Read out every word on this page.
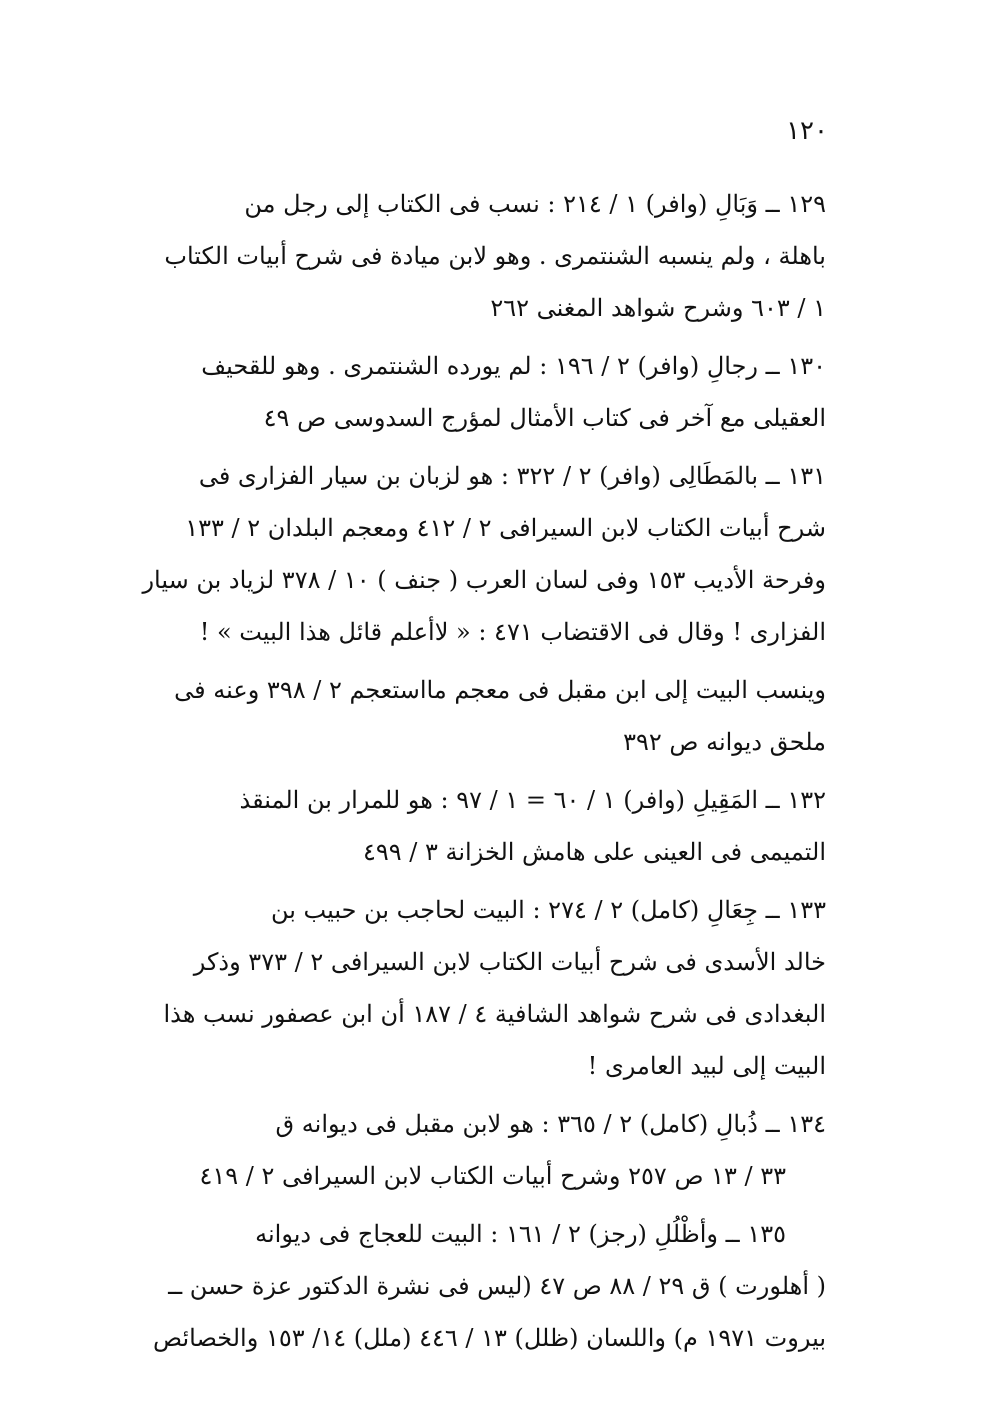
١٢٠
١٢٩ ــ وَبَالِ (وافر) ١ / ٢١٤ : نسب فى الكتاب إلى رجل من
باهلة ، ولم ينسبه الشنتمرى . وهو لابن ميادة فى شرح أبيات الكتاب
١ / ٦٠٣ وشرح شواهد المغنى ٢٦٢
١٣٠ ــ رجالِ (وافر) ٢ / ١٩٦ : لم يورده الشنتمرى . وهو للقحيف
العقيلى مع آخر فى كتاب الأمثال لمؤرج السدوسى ص ٤٩
١٣١ ــ بالمَطَالِى (وافر) ٢ / ٣٢٢ : هو لزبان بن سيار الفزارى فى
شرح أبيات الكتاب لابن السيرافى ٢ / ٤١٢ ومعجم البلدان ٢ / ١٣٣
وفرحة الأديب ١٥٣ وفى لسان العرب ( جنف ) ١٠ / ٣٧٨ لزياد بن سيار
الفزارى ! وقال فى الاقتضاب ٤٧١ : « لاأعلم قائل هذا البيت » !
وينسب البيت إلى ابن مقبل فى معجم مااستعجم ٢ / ٣٩٨ وعنه فى
ملحق ديوانه ص ٣٩٢
١٣٢ ــ المَقِيلِ (وافر) ١ / ٦٠ = ١ / ٩٧ : هو للمرار بن المنقذ
التميمى فى العينى على هامش الخزانة ٣ / ٤٩٩
١٣٣ ــ جِعَالِ (كامل) ٢ / ٢٧٤ : البيت لحاجب بن حبيب بن
خالد الأسدى فى شرح أبيات الكتاب لابن السيرافى ٢ / ٣٧٣ وذكر
البغدادى فى شرح شواهد الشافية ٤ / ١٨٧ أن ابن عصفور نسب هذا
البيت إلى لبيد العامرى !
١٣٤ ــ ذُبالِ (كامل) ٢ / ٣٦٥ : هو لابن مقبل فى ديوانه ق
٣٣ / ١٣ ص ٢٥٧ وشرح أبيات الكتاب لابن السيرافى ٢ / ٤١٩
١٣٥ ــ وأظْلُلِ (رجز) ٢ / ١٦١ : البيت للعجاج فى ديوانه
( أهلورت ) ق ٢٩ / ٨٨ ص ٤٧ (ليس فى نشرة الدكتور عزة حسن ــ
بيروت ١٩٧١ م) واللسان (ظلل) ١٣ / ٤٤٦ (ملل) ١٤/ ١٥٣ والخصائص
